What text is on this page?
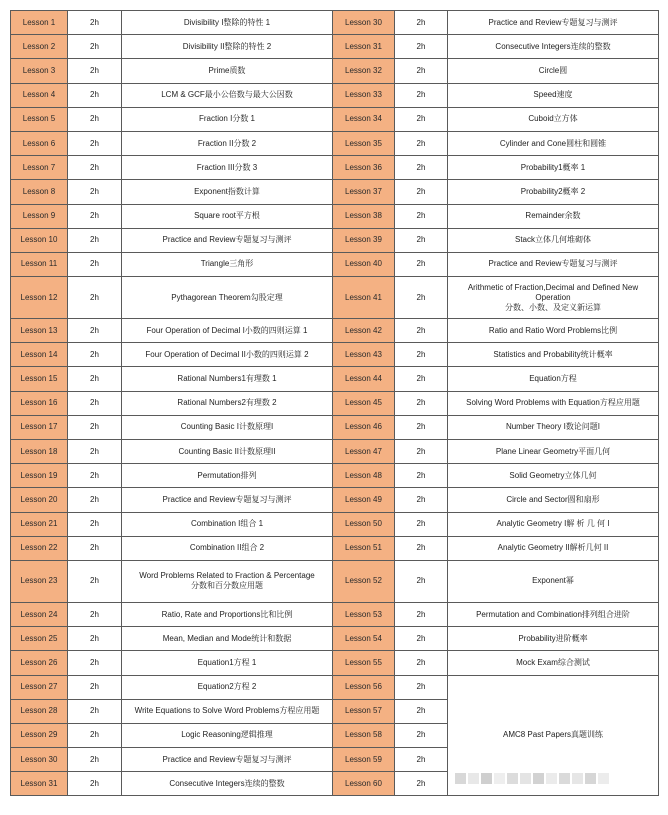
Lesson 1	2h	Divisibility I整除的特性 1	Lesson 30	2h	Practice and Review专题复习与测评

Lesson 2	2h	Divisibility II整除的特性 2	Lesson 31	2h	Consecutive Integers连续的整数

Lesson 3	2h	Prime质数	Lesson 32	2h	Circle圆

Lesson 4	2h	LCM & GCF最小公倍数与最大公因数	Lesson 33	2h	Speed速度

Lesson 5	2h	Fraction I分数 1	Lesson 34	2h	Cuboid立方体

Lesson 6	2h	Fraction II分数 2	Lesson 35	2h	Cylinder and Cone圆柱和圆锥

Lesson 7	2h	Fraction III分数 3	Lesson 36	2h	Probability1概率 1

Lesson 8	2h	Exponent指数计算	Lesson 37	2h	Probability2概率 2

Lesson 9	2h	Square root平方根	Lesson 38	2h	Remainder余数

Lesson 10	2h	Practice and Review专题复习与测评	Lesson 39	2h	Stack立体几何堆砌体

Lesson 11	2h	Triangle三角形	Lesson 40	2h	Practice and Review专题复习与测评

Lesson 12	2h	Pythagorean Theorem勾股定理	Lesson 41	2h	Arithmetic of Fraction,Decimal and Defined New Operation
分数、小数、及定义新运算

Lesson 13	2h	Four Operation of Decimal I小数的四则运算 1	Lesson 42	2h	Ratio and Ratio Word Problems比例

Lesson 14	2h	Four Operation of Decimal II小数的四则运算 2	Lesson 43	2h	Statistics and Probability统计概率

Lesson 15	2h	Rational Numbers1有理数 1	Lesson 44	2h	Equation方程

Lesson 16	2h	Rational Numbers2有理数 2	Lesson 45	2h	Solving Word Problems with Equation方程应用题

Lesson 17	2h	Counting Basic I计数原理I	Lesson 46	2h	Number Theory I数论问题I

Lesson 18	2h	Counting Basic II计数原理II	Lesson 47	2h	Plane Linear Geometry平面几何

Lesson 19	2h	Permutation排列	Lesson 48	2h	Solid Geometry立体几何

Lesson 20	2h	Practice and Review专题复习与测评	Lesson 49	2h	Circle and Sector圆和扇形

Lesson 21	2h	Combination I组合 1	Lesson 50	2h	Analytic Geometry I解 析 几 何 I

Lesson 22	2h	Combination II组合 2	Lesson 51	2h	Analytic Geometry II解析几何 II

Lesson 23	2h	Word Problems Related to Fraction & Percentage
分数和百分数应用题	Lesson 52	2h	Exponent幂

Lesson 24	2h	Ratio, Rate and Proportions比和比例	Lesson 53	2h	Permutation and Combination排列组合进阶

Lesson 25	2h	Mean, Median and Mode统计和数据	Lesson 54	2h	Probability进阶概率

Lesson 26	2h	Equation1方程 1	Lesson 55	2h	Mock Exam综合测试

Lesson 27	2h	Equation2方程 2	Lesson 56	2h	AMC8 Past Papers真题训练
Lesson 28	2h	Write Equations to Solve Word Problems方程应用题	Lesson 57	2h	
Lesson 29	2h	Logic Reasoning逻辑推理	Lesson 58	2h	
Lesson 30	2h	Practice and Review专题复习与测评	Lesson 59	2h	
Lesson 31	2h	Consecutive Integers连续的整数	Lesson 60	2h	
